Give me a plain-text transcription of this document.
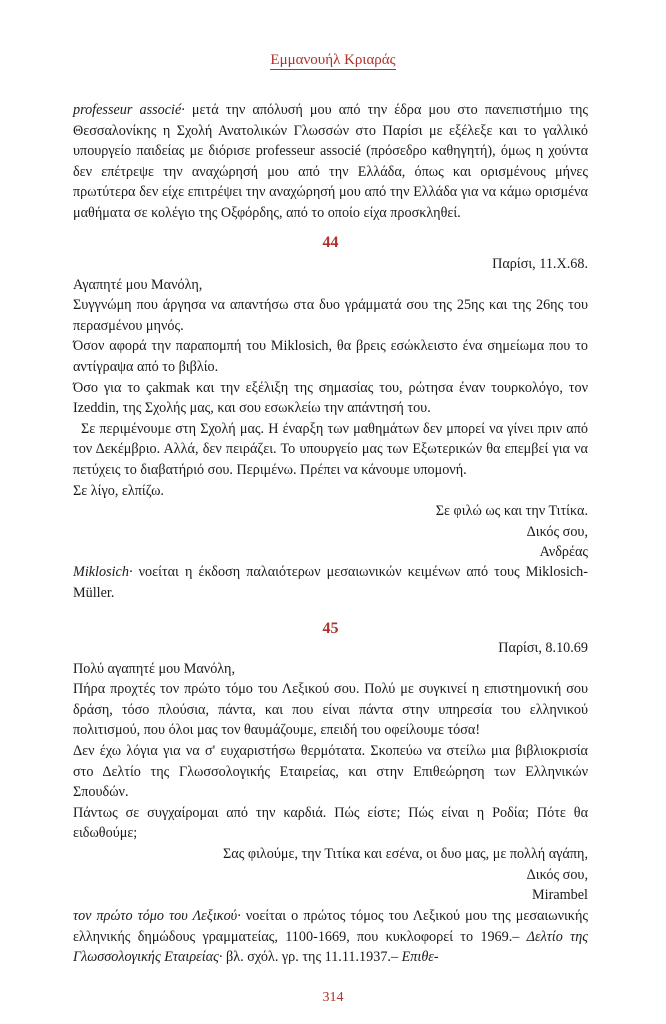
Εμμανουήλ Κριαράς

professeur associé· μετά την απόλυσή μου από την έδρα μου στο πανεπιστήμιο της Θεσσαλονίκης η Σχολή Ανατολικών Γλωσσών στο Παρίσι με εξέλεξε και το γαλλικό υπουργείο παιδείας με διόρισε professeur associé (πρόσεδρο καθηγητή), όμως η χούντα δεν επέτρεψε την αναχώρησή μου από την Ελλάδα, όπως και ορισμένους μήνες πρωτύτερα δεν είχε επιτρέψει την αναχώρησή μου από την Ελλάδα για να κάμω ορισμένα μαθήματα σε κολέγιο της Οξφόρδης, από το οποίο είχα προσκληθεί.

44

Παρίσι, 11.Χ.68.

Αγαπητέ μου Μανόλη,

Συγγνώμη που άργησα να απαντήσω στα δυο γράμματά σου της 25ης και της 26ης του περασμένου μηνός.

Όσον αφορά την παραπομπή του Miklosich, θα βρεις εσώκλειστο ένα σημείωμα που το αντίγραψα από το βιβλίο.

Όσο για το çakmak και την εξέλιξη της σημασίας του, ρώτησα έναν τουρκολόγο, τον Izeddin, της Σχολής μας, και σου εσωκλείω την απάντησή του.

Σε περιμένουμε στη Σχολή μας. Η έναρξη των μαθημάτων δεν μπορεί να γίνει πριν από τον Δεκέμβριο. Αλλά, δεν πειράζει. Το υπουργείο μας των Εξωτερικών θα επεμβεί για να πετύχεις το διαβατήριό σου. Περιμένω. Πρέπει να κάνουμε υπομονή.

Σε λίγο, ελπίζω.

Σε φιλώ ως και την Τιτίκα.

Δικός σου,

Ανδρέας

Miklosich· νοείται η έκδοση παλαιότερων μεσαιωνικών κειμένων από τους Miklosich-Müller.

45

Παρίσι, 8.10.69

Πολύ αγαπητέ μου Μανόλη,

Πήρα προχτές τον πρώτο τόμο του Λεξικού σου. Πολύ με συγκινεί η επιστημονική σου δράση, τόσο πλούσια, πάντα, και που είναι πάντα στην υπηρεσία του ελληνικού πολιτισμού, που όλοι μας τον θαυμάζουμε, επειδή του οφείλουμε τόσα!

Δεν έχω λόγια για να σ' ευχαριστήσω θερμότατα. Σκοπεύω να στείλω μια βιβλιοκρισία στο Δελτίο της Γλωσσολογικής Εταιρείας, και στην Επιθεώρηση των Ελληνικών Σπουδών.

Πάντως σε συγχαίρομαι από την καρδιά. Πώς είστε; Πώς είναι η Ροδία; Πότε θα ειδωθούμε;

Σας φιλούμε, την Τιτίκα και εσένα, οι δυο μας, με πολλή αγάπη,

Δικός σου,

Mirambel

τον πρώτο τόμο του Λεξικού· νοείται ο πρώτος τόμος του Λεξικού μου της μεσαιωνικής ελληνικής δημώδους γραμματείας, 1100-1669, που κυκλοφορεί το 1969.– Δελτίο της Γλωσσολογικής Εταιρείας· βλ. σχόλ. γρ. της 11.11.1937.– Επιθε-

314
